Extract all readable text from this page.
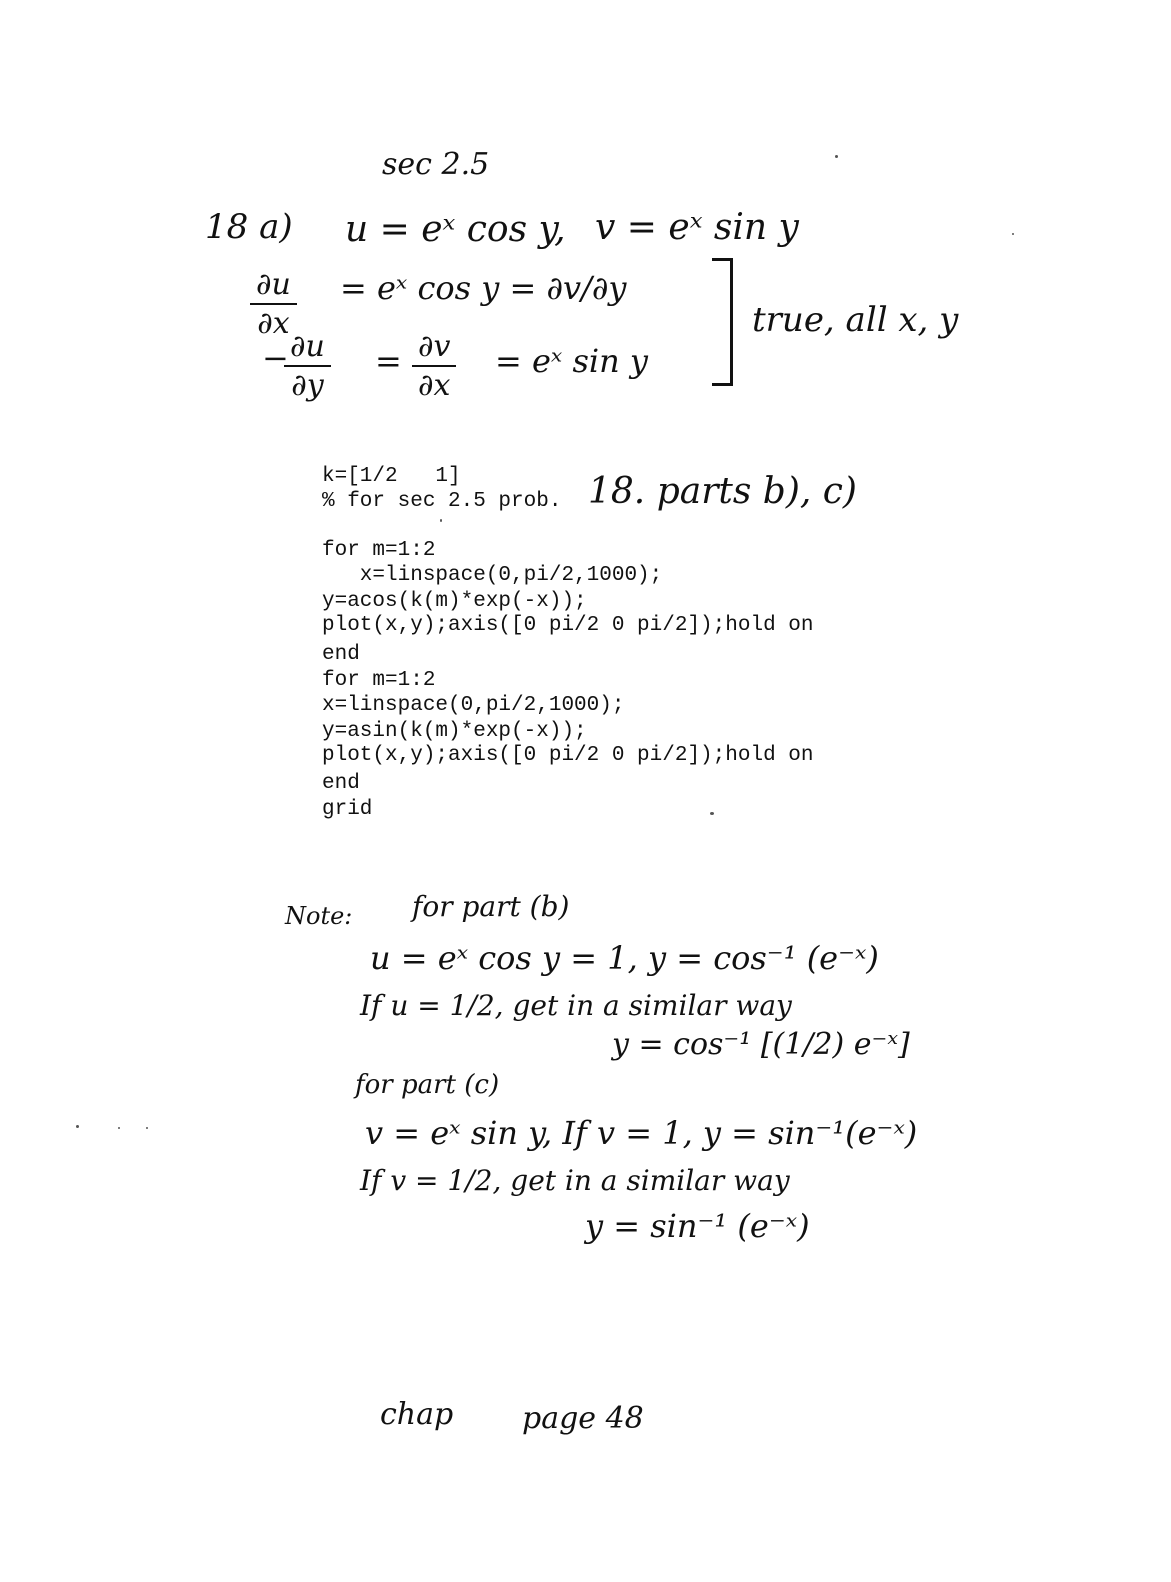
sec 2.5
18 a) u = eˣ cos y, v = eˣ sin y
∂u
∂x
= eˣ cos y = ∂v/∂y
− ∂u
∂y
= ∂v
∂x
= eˣ sin y
true, all x, y
k=[1/2   1]
% for sec 2.5 prob. 18. parts b), c)
for m=1:2
x=linspace(0,pi/2,1000);
y=acos(k(m)*exp(-x));
plot(x,y);axis([0 pi/2 0 pi/2]);hold on
end
for m=1:2
x=linspace(0,pi/2,1000);
y=asin(k(m)*exp(-x));
plot(x,y);axis([0 pi/2 0 pi/2]);hold on
end
grid
Note: for part (b)
u = eˣ cos y = 1, y = cos⁻¹ (e⁻ˣ)
If u = 1/2, get in a similar way
y = cos⁻¹ [(1/2) e⁻ˣ]
for part (c)
v = eˣ sin y, If v = 1, y = sin⁻¹(e⁻ˣ)
If v = 1/2, get in a similar way
y = sin⁻¹ (e⁻ˣ)
chap page 48
